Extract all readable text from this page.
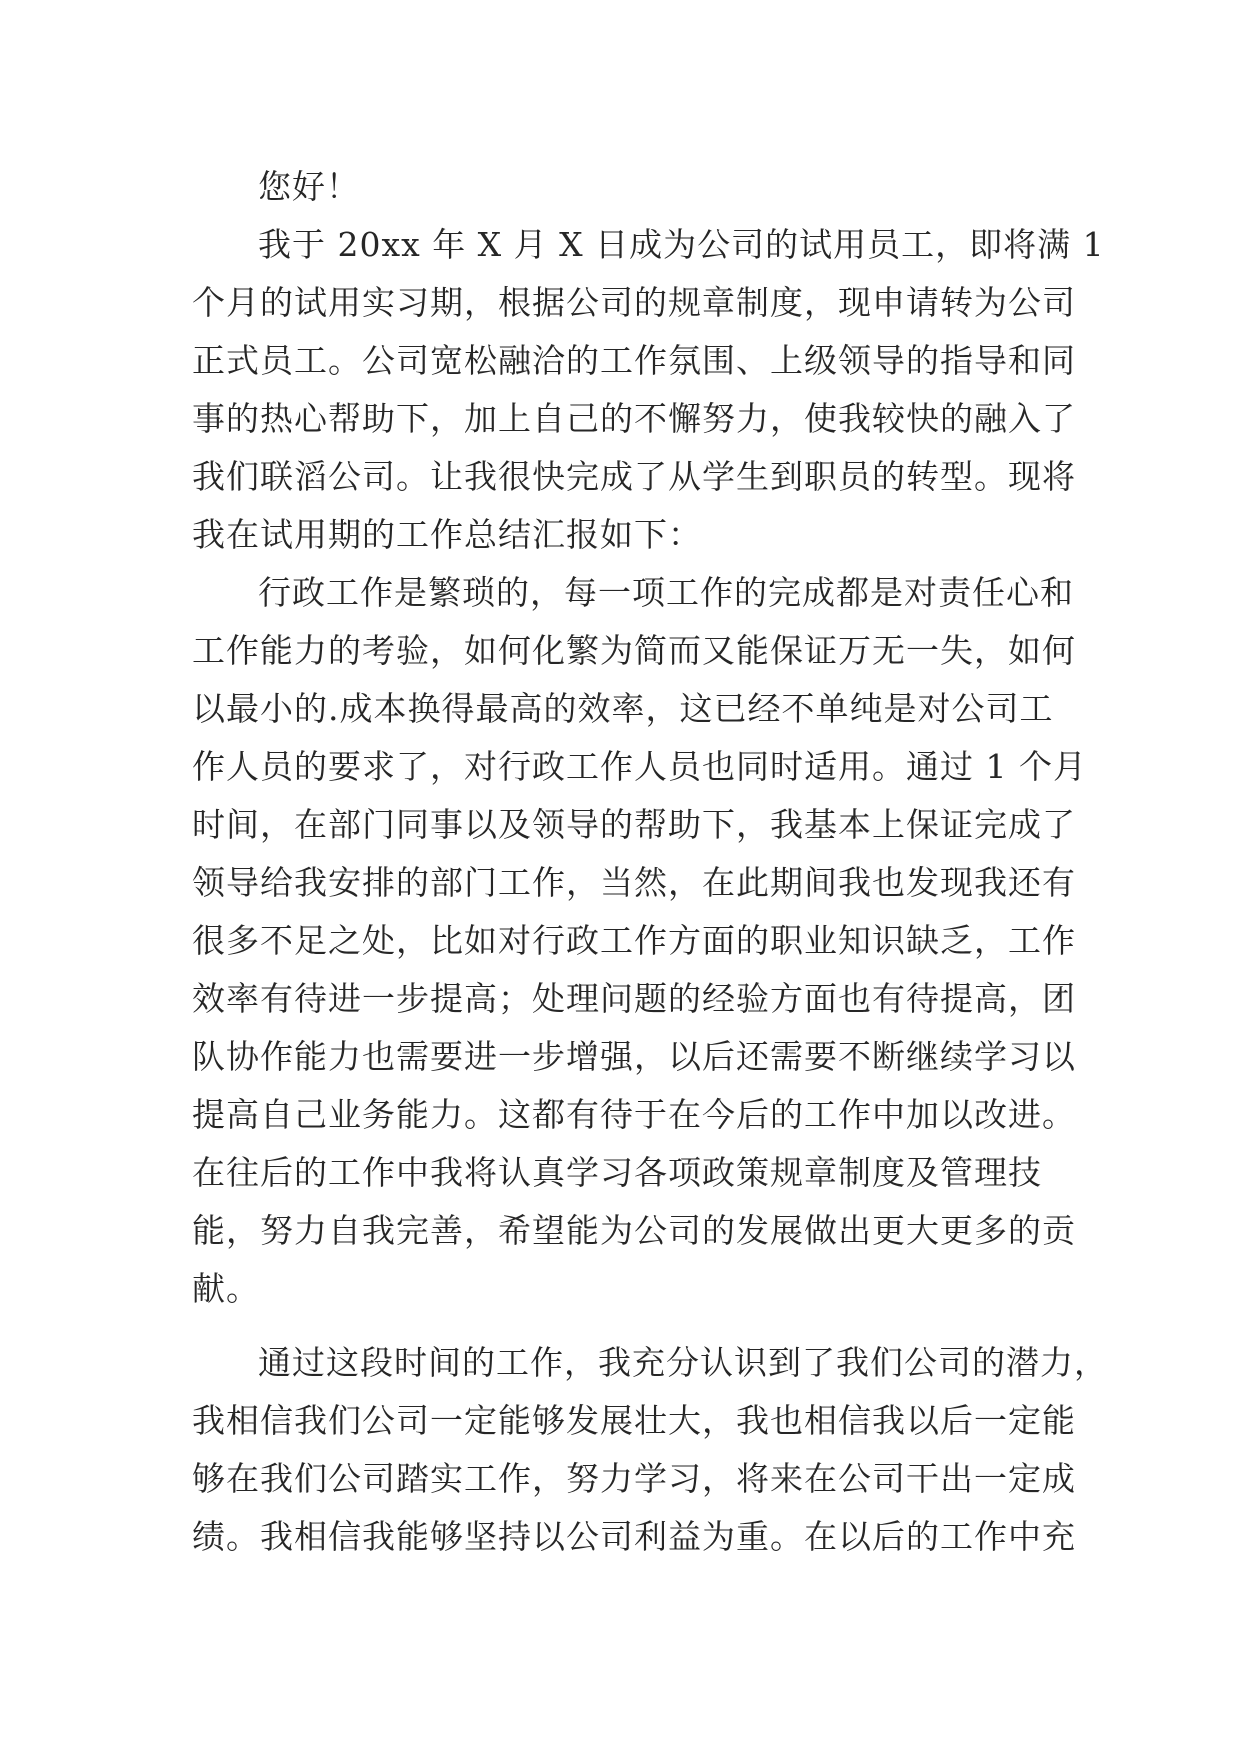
您好！
我于 20xx 年 X 月 X 日成为公司的试用员工，即将满 1
个月的试用实习期，根据公司的规章制度，现申请转为公司
正式员工。公司宽松融洽的工作氛围、上级领导的指导和同
事的热心帮助下，加上自己的不懈努力，使我较快的融入了
我们联滔公司。让我很快完成了从学生到职员的转型。现将
我在试用期的工作总结汇报如下：
行政工作是繁琐的，每一项工作的完成都是对责任心和
工作能力的考验，如何化繁为简而又能保证万无一失，如何
以最小的.成本换得最高的效率，这已经不单纯是对公司工
作人员的要求了，对行政工作人员也同时适用。通过 1 个月
时间，在部门同事以及领导的帮助下，我基本上保证完成了
领导给我安排的部门工作，当然，在此期间我也发现我还有
很多不足之处，比如对行政工作方面的职业知识缺乏，工作
效率有待进一步提高；处理问题的经验方面也有待提高，团
队协作能力也需要进一步增强，以后还需要不断继续学习以
提高自己业务能力。这都有待于在今后的工作中加以改进。
在往后的工作中我将认真学习各项政策规章制度及管理技
能，努力自我完善，希望能为公司的发展做出更大更多的贡
献。
通过这段时间的工作，我充分认识到了我们公司的潜力，
我相信我们公司一定能够发展壮大，我也相信我以后一定能
够在我们公司踏实工作，努力学习，将来在公司干出一定成
绩。我相信我能够坚持以公司利益为重。在以后的工作中充
